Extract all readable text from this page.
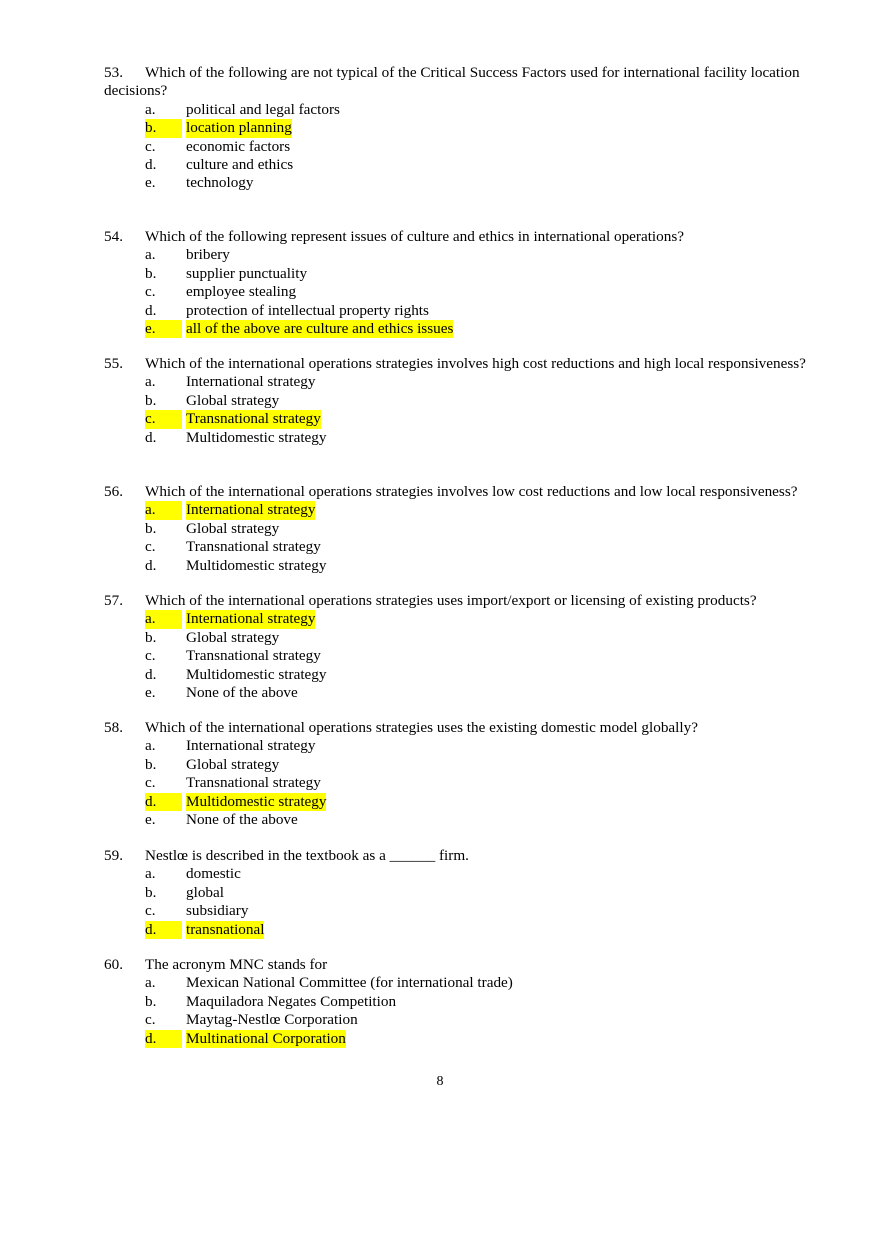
53.	Which of the following are not typical of the Critical Success Factors used for international facility location decisions?
a. political and legal factors
b.	location planning
c. economic factors
d. culture and ethics
e. technology
54.	Which of the following represent issues of culture and ethics in international operations?
a. bribery
b. supplier punctuality
c. employee stealing
d. protection of intellectual property rights
e.	all of the above are culture and ethics issues
55.	Which of the international operations strategies involves high cost reductions and high local responsiveness?
a. International strategy
b. Global strategy
c.	Transnational strategy
d. Multidomestic strategy
56.	Which of the international operations strategies involves low cost reductions and low local responsiveness?
a.	International strategy
b. Global strategy
c. Transnational strategy
d. Multidomestic strategy
57.	Which of the international operations strategies uses import/export or licensing of existing products?
a.	International strategy
b. Global strategy
c. Transnational strategy
d. Multidomestic strategy
e. None of the above
58.	Which of the international operations strategies uses the existing domestic model globally?
a. International strategy
b. Global strategy
c. Transnational strategy
d.	Multidomestic strategy
e. None of the above
59.	Nestlœ is described in the textbook as a ______ firm.
a. domestic
b. global
c. subsidiary
d.	transnational
60.	The acronym MNC stands for
a. Mexican National Committee (for international trade)
b. Maquiladora Negates Competition
c. Maytag-Nestlœ Corporation
d.	Multinational Corporation
8
